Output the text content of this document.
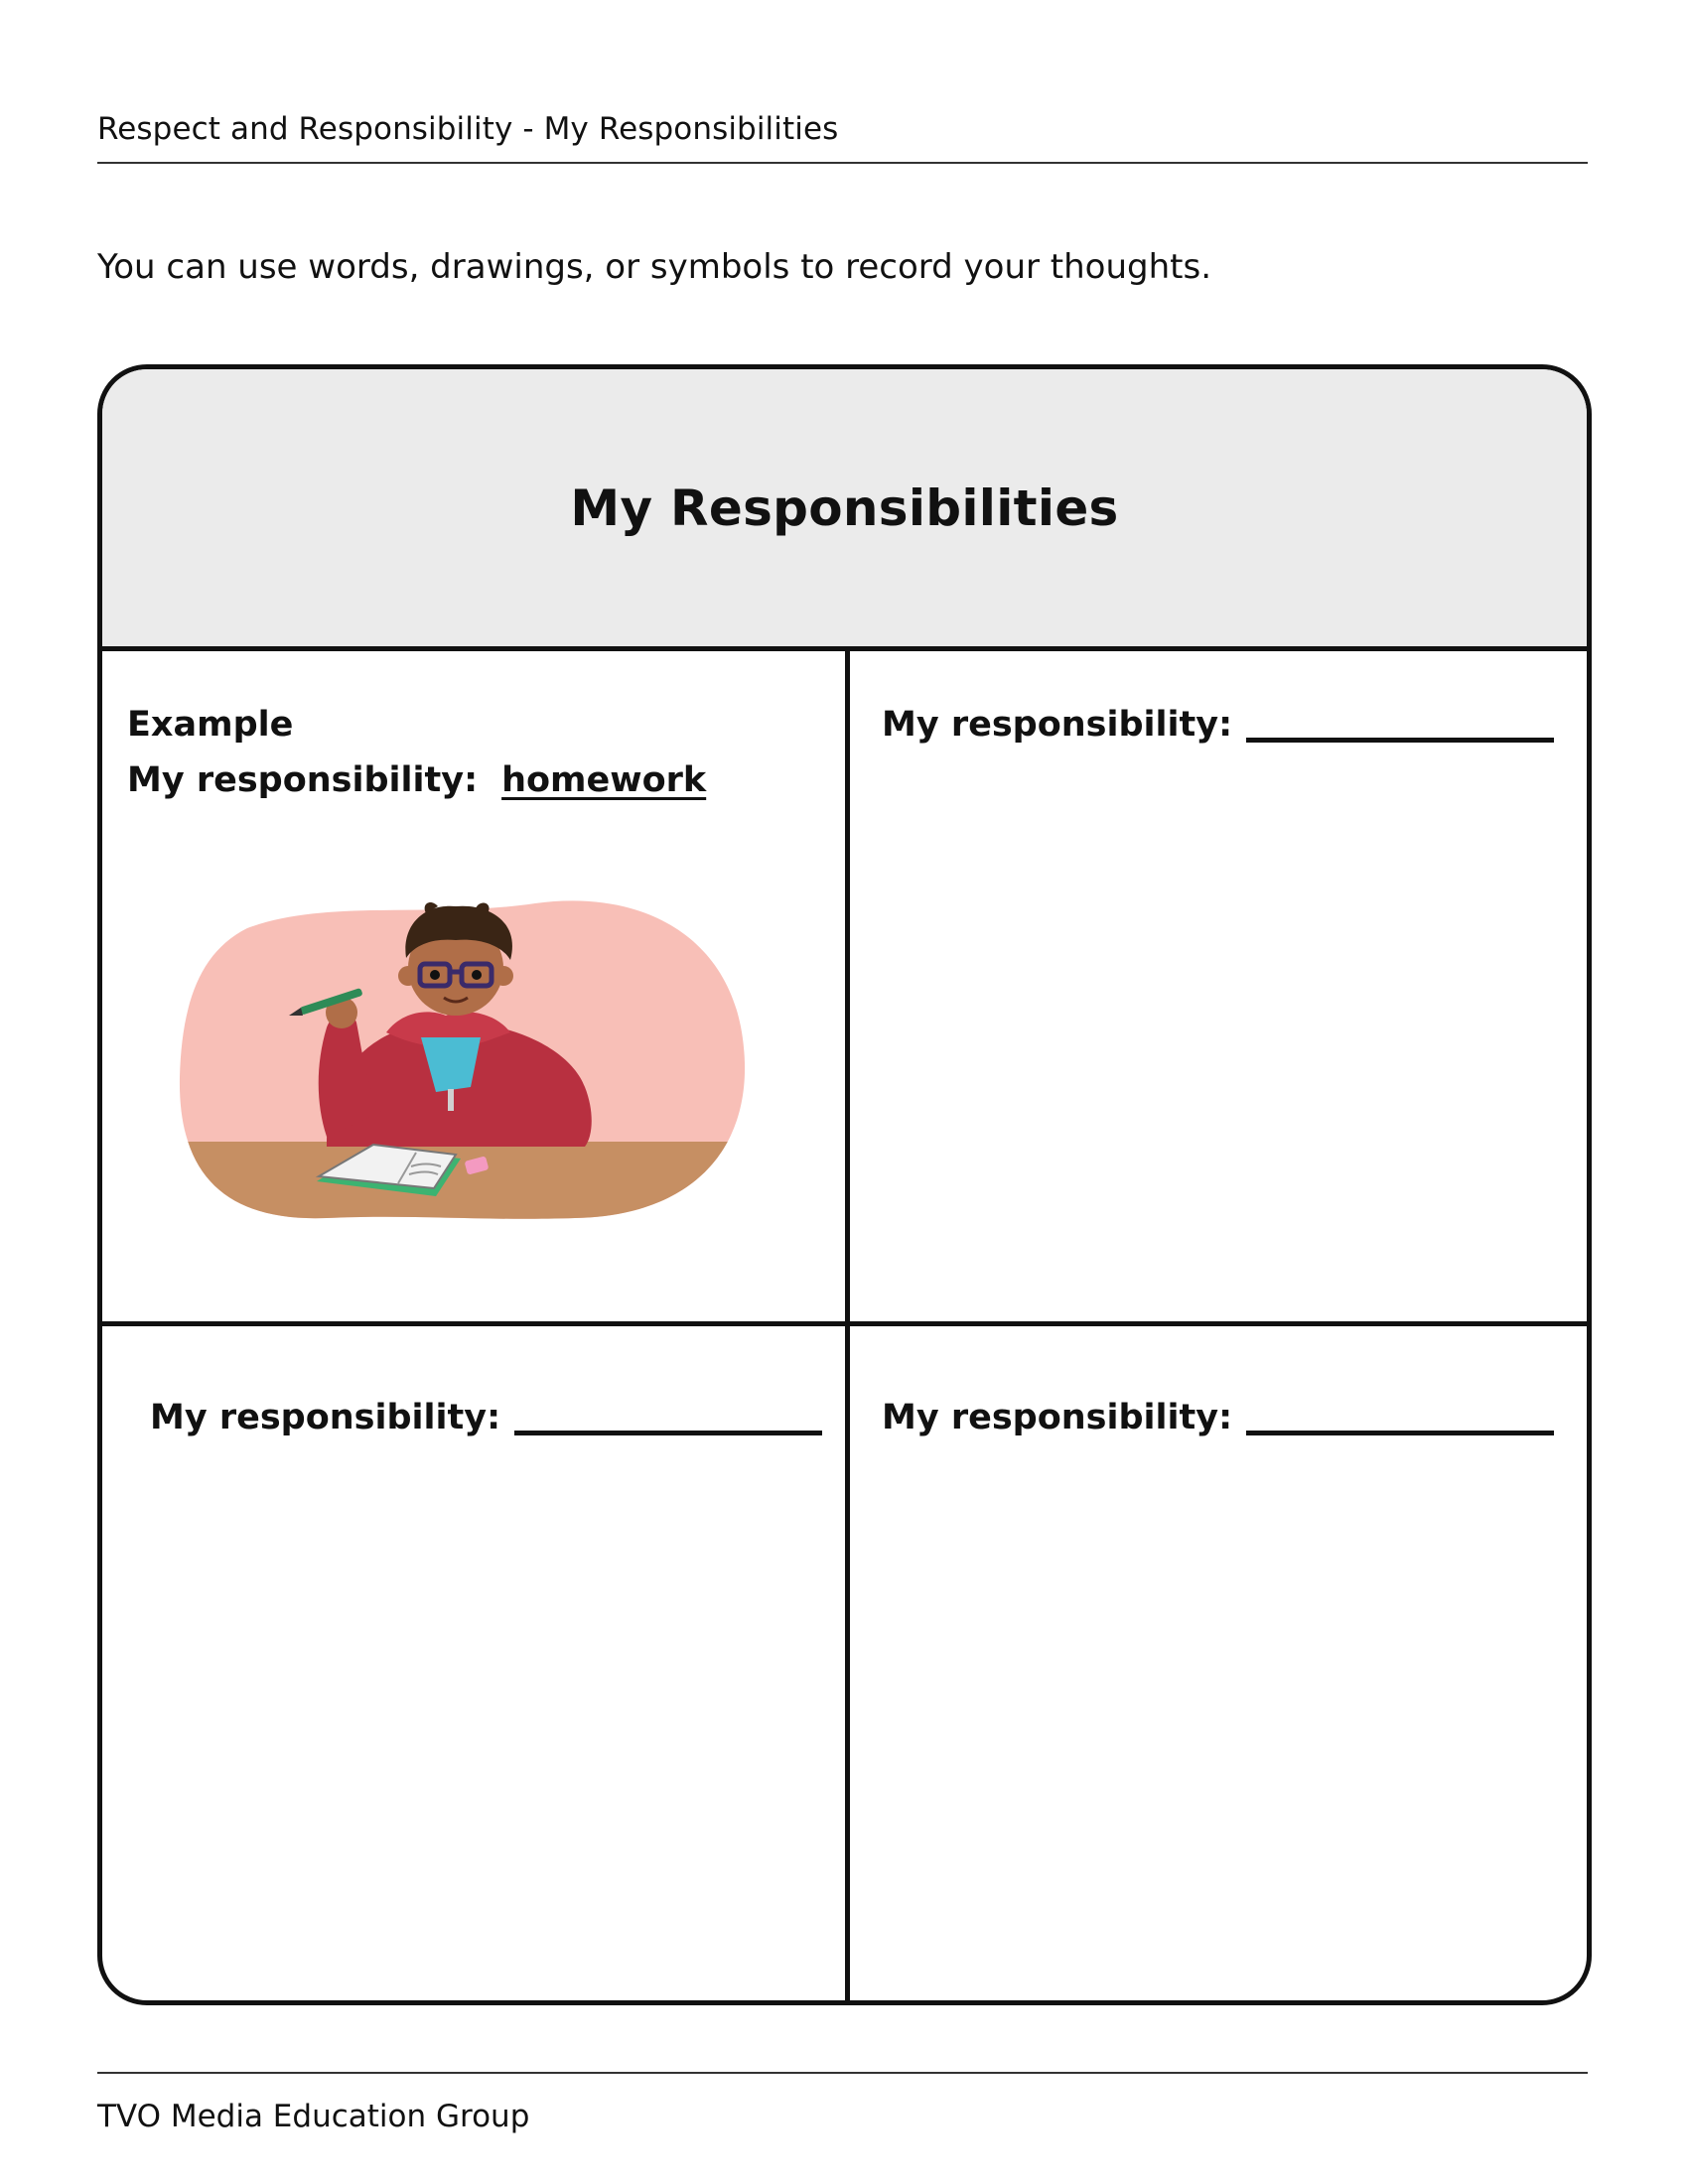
Respect and Responsibility - My Responsibilities
You can use words, drawings, or symbols to record your thoughts.
My Responsibilities
Example
My responsibility: homework
My responsibility:
My responsibility:	My responsibility:
TVO Media Education Group
